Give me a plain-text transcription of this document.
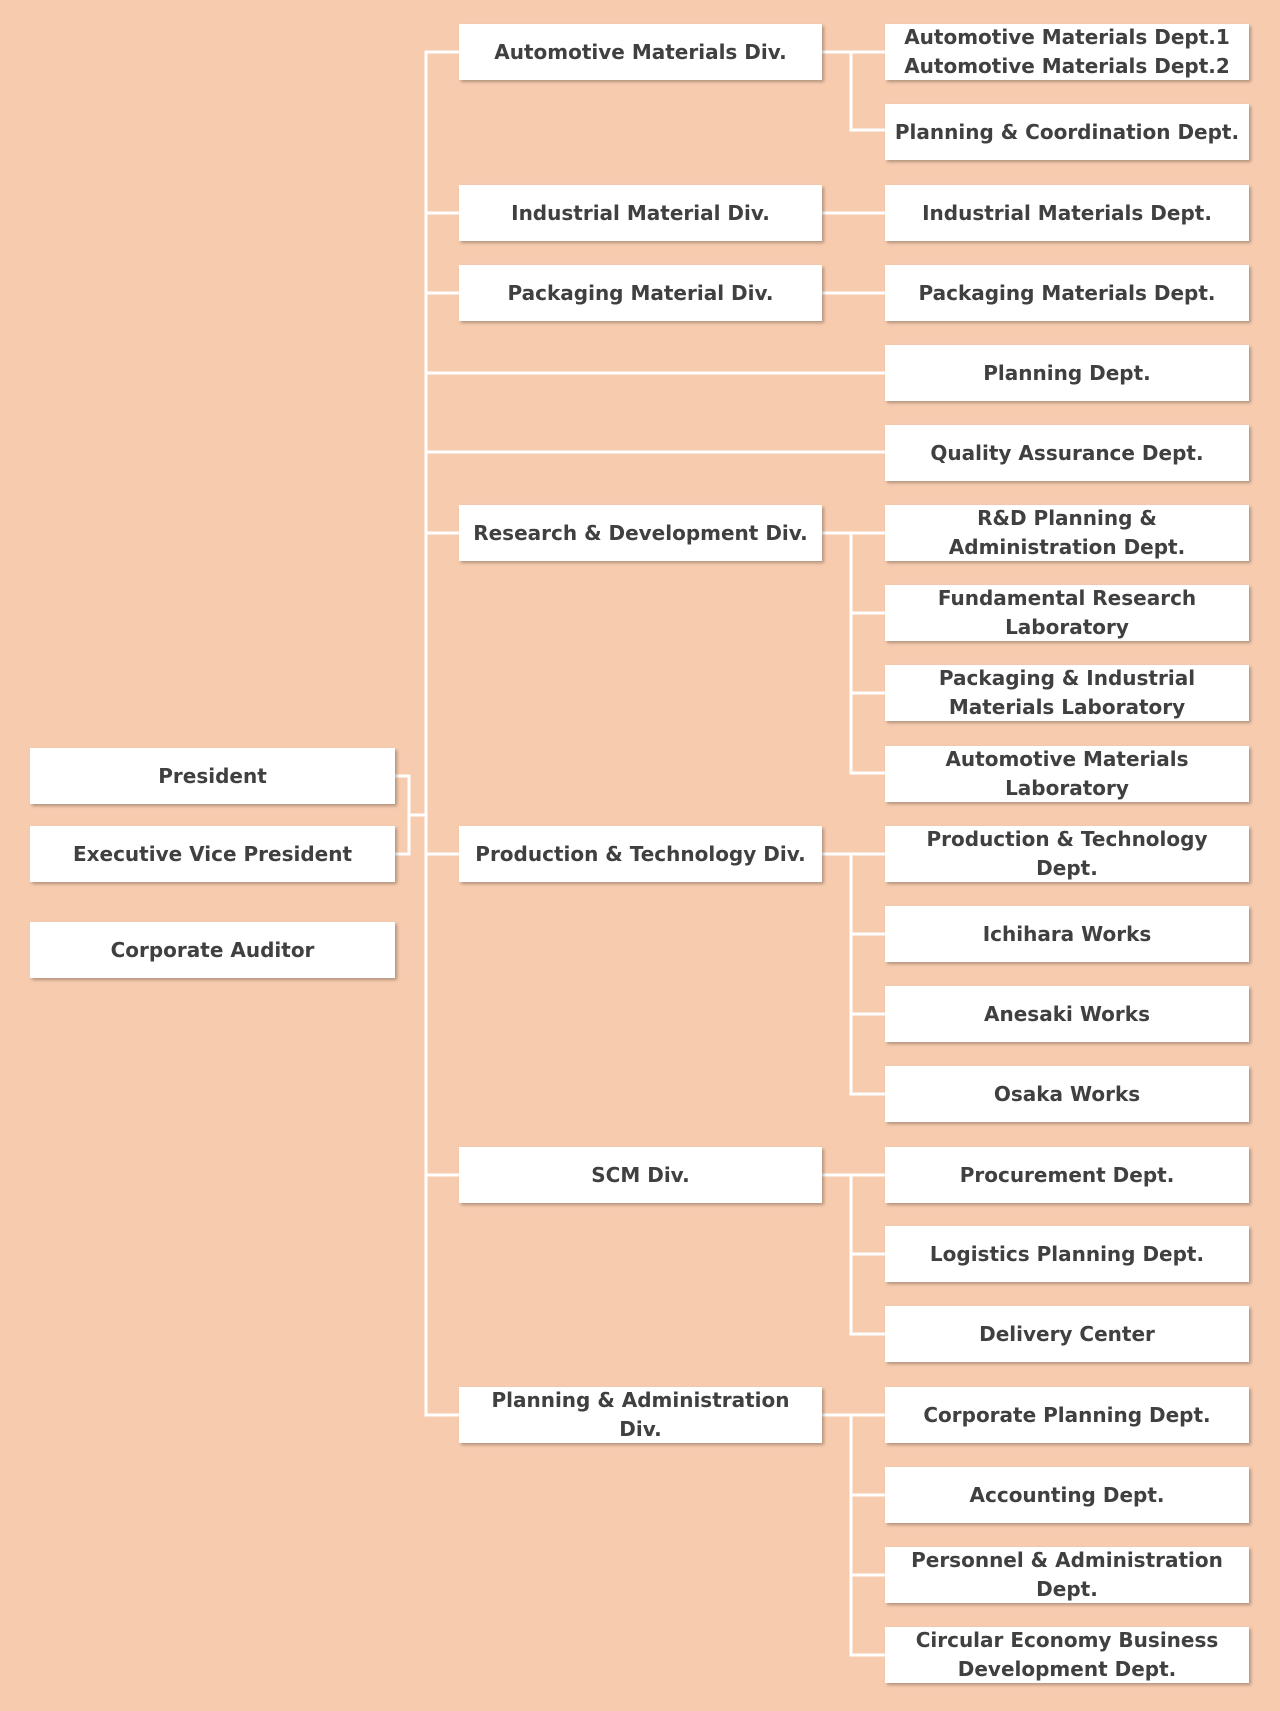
President
Executive Vice President
Corporate Auditor
Automotive Materials Div.
Industrial Material Div.
Packaging Material Div.
Research & Development Div.
Production & Technology Div.
SCM Div.
Planning & Administration Div.
Automotive Materials Dept.1
Automotive Materials Dept.2
Planning & Coordination Dept.
Industrial Materials Dept.
Packaging Materials Dept.
Planning Dept.
Quality Assurance Dept.
R&D Planning & Administration Dept.
Fundamental Research Laboratory
Packaging & Industrial Materials Laboratory
Automotive Materials Laboratory
Production & Technology Dept.
Ichihara Works
Anesaki Works
Osaka Works
Procurement Dept.
Logistics Planning Dept.
Delivery Center
Corporate Planning Dept.
Accounting Dept.
Personnel & Administration Dept.
Circular Economy Business Development Dept.
